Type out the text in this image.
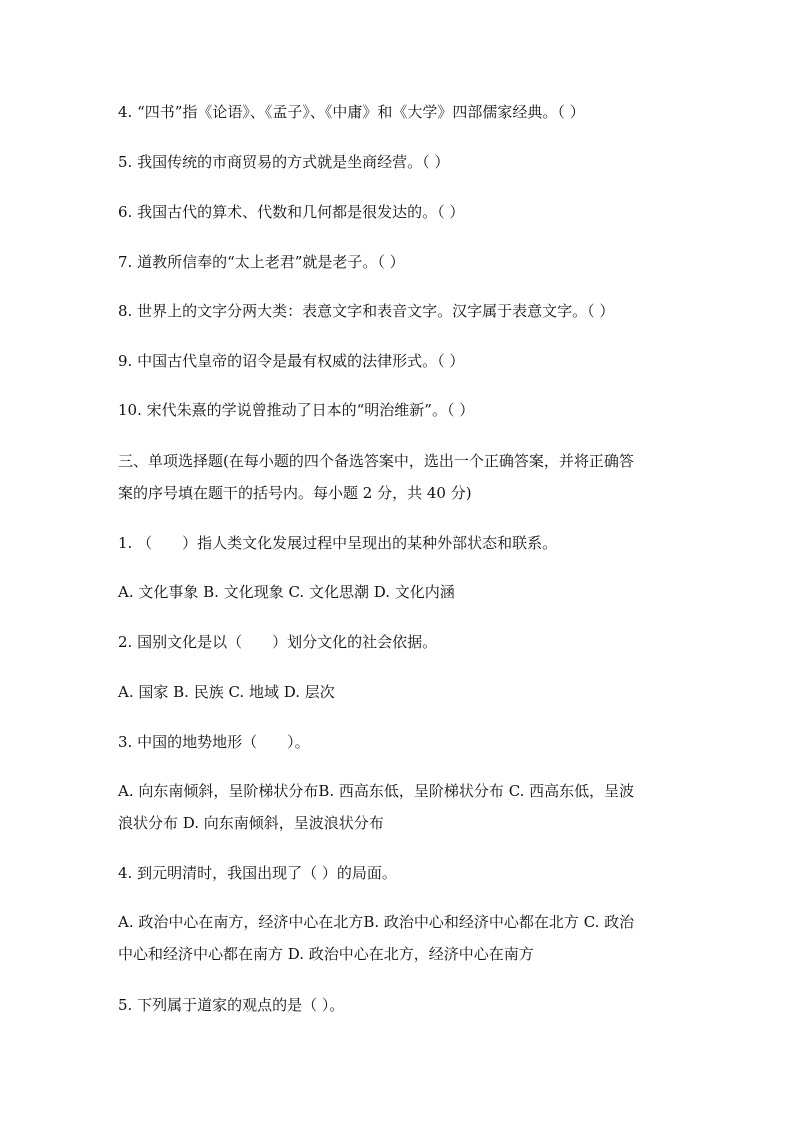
4. “四书”指《论语》、《孟子》、《中庸》和《大学》四部儒家经典。（ ）
5. 我国传统的市商贸易的方式就是坐商经营。（ ）
6. 我国古代的算术、代数和几何都是很发达的。（ ）
7. 道教所信奉的“太上老君”就是老子。（ ）
8. 世界上的文字分两大类：表意文字和表音文字。汉字属于表意文字。（ ）
9. 中国古代皇帝的诏令是最有权威的法律形式。（ ）
10. 宋代朱熹的学说曾推动了日本的“明治维新”。（ ）
三、单项选择题(在每小题的四个备选答案中，选出一个正确答案，并将正确答
案的序号填在题干的括号内。每小题 2 分，共 40 分)
1. （　　）指人类文化发展过程中呈现出的某种外部状态和联系。
A. 文化事象 B. 文化现象 C. 文化思潮 D. 文化内涵
2. 国别文化是以（　　）划分文化的社会依据。
A. 国家 B. 民族 C. 地域 D. 层次
3. 中国的地势地形（　　）。
A. 向东南倾斜，呈阶梯状分布B. 西高东低，呈阶梯状分布 C. 西高东低，呈波
浪状分布 D. 向东南倾斜，呈波浪状分布
4. 到元明清时，我国出现了（ ）的局面。
A. 政治中心在南方，经济中心在北方B. 政治中心和经济中心都在北方 C. 政治
中心和经济中心都在南方 D. 政治中心在北方，经济中心在南方
5. 下列属于道家的观点的是（ ）。
